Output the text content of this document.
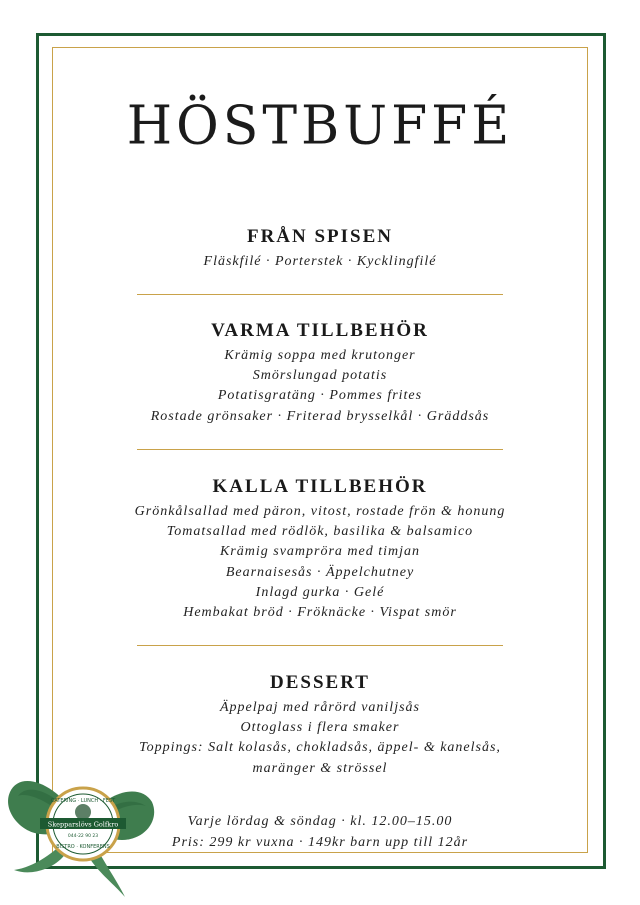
HÖSTBUFFÉ
FRÅN SPISEN
Fläskfilé · Porterstek · Kycklingfilé
VARMA TILLBEHÖR
Krämig soppa med krutonger
Smörslungad potatis
Potatisgratäng · Pommes frites
Rostade grönsaker · Friterad brysselkål · Gräddsås
KALLA TILLBEHÖR
Grönkålsallad med päron, vitost, rostade frön & honung
Tomatsallad med rödlök, basilika & balsamico
Krämig svampröra med timjan
Bearnaisesås · Äppelchutney
Inlagd gurka · Gelé
Hembakat bröd · Fröknäcke · Vispat smör
DESSERT
Äppelpaj med rårörd vaniljsås
Ottoglass i flera smaker
Toppings: Salt kolasås, chokladsås, äppel- & kanelsås,
maränger & strössel
Varje lördag & söndag · kl. 12.00–15.00
Pris: 299 kr vuxna · 149kr barn upp till 12år
CATERING · LUNCH · FEST
Skepparslövs Golfkro
044-22 90 23
BISTRO · KONFERENS
